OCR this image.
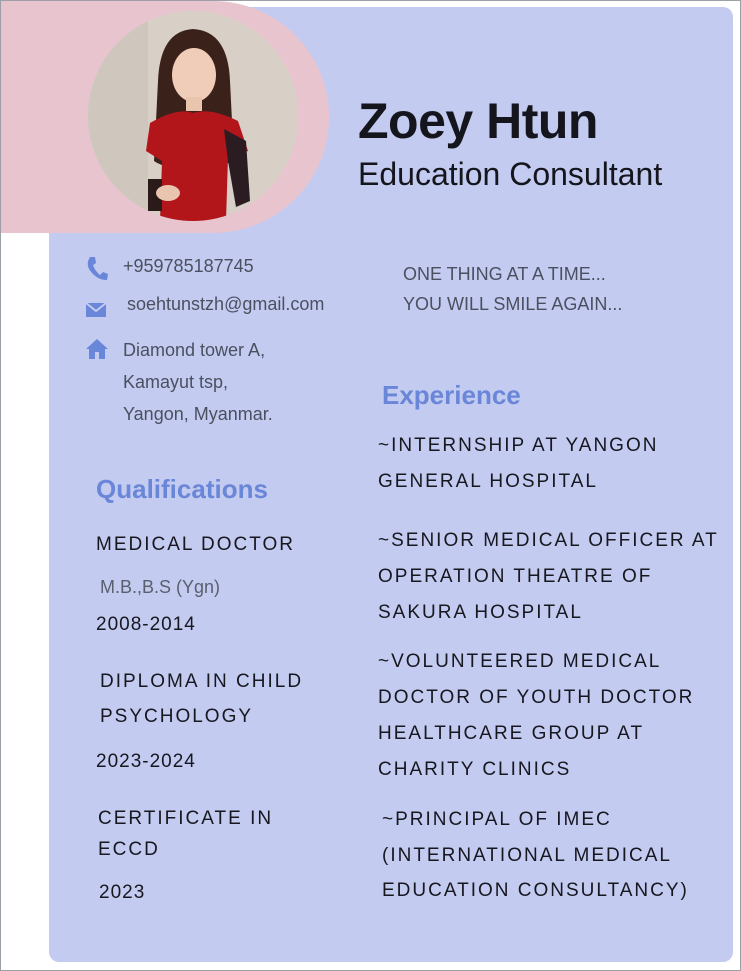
Zoey Htun
Education Consultant
+959785187745
soehtunstzh@gmail.com
Diamond tower A,
Kamayut tsp,
Yangon, Myanmar.
ONE THING AT A TIME...
YOU WILL SMILE AGAIN...
Qualifications
MEDICAL DOCTOR
M.B.,B.S (Ygn)
2008-2014
DIPLOMA IN CHILD
PSYCHOLOGY
2023-2024
CERTIFICATE IN
ECCD
2023
Experience
~INTERNSHIP AT YANGON
GENERAL HOSPITAL
~SENIOR MEDICAL OFFICER AT
OPERATION THEATRE OF
SAKURA HOSPITAL
~VOLUNTEERED MEDICAL
DOCTOR OF YOUTH DOCTOR
HEALTHCARE GROUP AT
CHARITY CLINICS
~PRINCIPAL OF IMEC
(INTERNATIONAL MEDICAL
EDUCATION CONSULTANCY)
